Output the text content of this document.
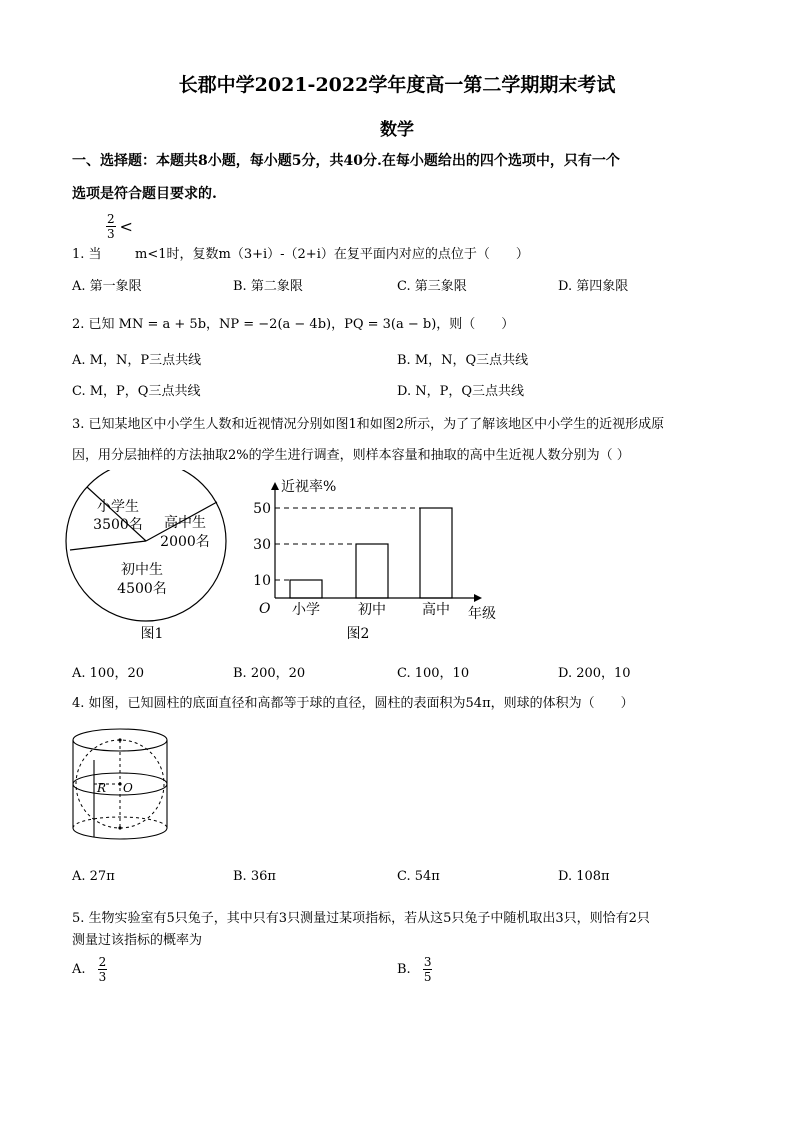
长郡中学2021-2022学年度高一第二学期期末考试
数学
一、选择题：本题共8小题，每小题5分，共40分.在每小题给出的四个选项中，只有一个
选项是符合题目要求的.
$\frac{2}{3}$ <
1. 当	m<1时，复数m（3+i）-（2+i）在复平面内对应的点位于（　　）
A. 第一象限	B. 第二象限	C. 第三象限	D. 第四象限
2. 已知 MN = a + 5b，NP = −2(a − 4b)，PQ = 3(a − b)，则（　　）
A. M，N，P三点共线	B. M，N，Q三点共线
C. M，P，Q三点共线	D. N，P，Q三点共线
3. 已知某地区中小学生人数和近视情况分别如图1和如图2所示，为了了解该地区中小学生的近视形成原
因，用分层抽样的方法抽取2%的学生进行调查，则样本容量和抽取的高中生近视人数分别为（ ）
小学生
3500名 高中生
2000名
初中生
4500名
图1
近视率%
年级
O
图2
小学	初中	高中
10
30
50
A. 100，20	B. 200，20	C. 100，10	D. 200，10
4. 如图，已知圆柱的底面直径和高都等于球的直径，圆柱的表面积为54π，则球的体积为（　　）
R O
A. 27π	B. 36π	C. 54π	D. 108π
5. 生物实验室有5只兔子，其中只有3只测量过某项指标，若从这5只兔子中随机取出3只，则恰有2只
测量过该指标的概率为
A. $\frac{2}{3}$	B. $\frac{3}{5}$
